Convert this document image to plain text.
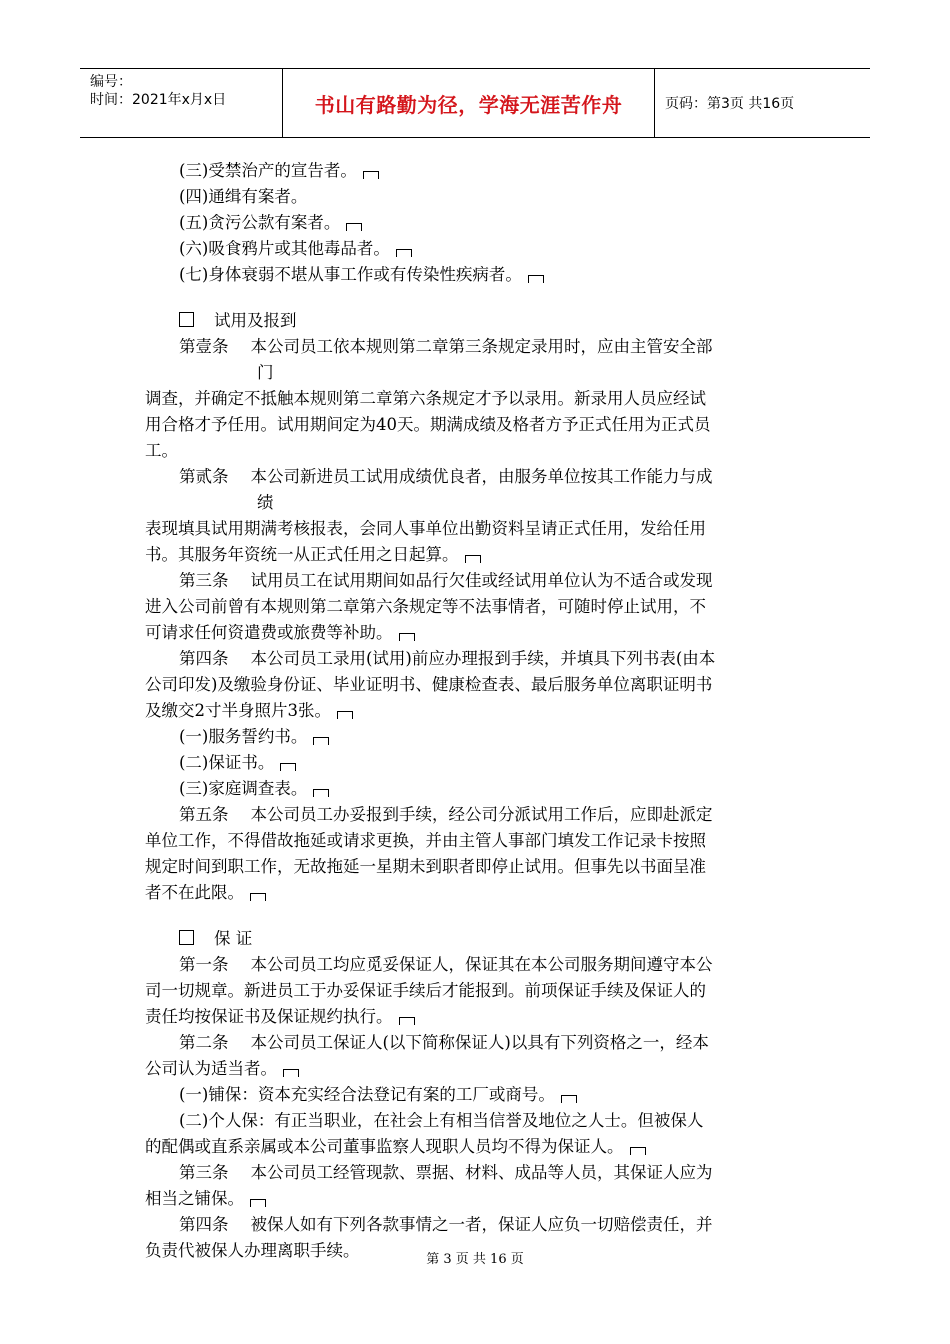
编号：
时间：2021年x月x日	书山有路勤为径，学海无涯苦作舟	页码：第3页 共16页
(三)受禁治产的宣告者。
(四)通缉有案者。
(五)贪污公款有案者。
(六)吸食鸦片或其他毒品者。
(七)身体衰弱不堪从事工作或有传染性疾病者。
试用及报到
第壹条 本公司员工依本规则第二章第三条规定录用时，应由主管安全部
门
调查，并确定不抵触本规则第二章第六条规定才予以录用。新录用人员应经试
用合格才予任用。试用期间定为40天。期满成绩及格者方予正式任用为正式员
工。
第贰条 本公司新进员工试用成绩优良者，由服务单位按其工作能力与成
绩
表现填具试用期满考核报表，会同人事单位出勤资料呈请正式任用，发给任用
书。其服务年资统一从正式任用之日起算。
第三条 试用员工在试用期间如品行欠佳或经试用单位认为不适合或发现
进入公司前曾有本规则第二章第六条规定等不法事情者，可随时停止试用，不
可请求任何资遣费或旅费等补助。
第四条 本公司员工录用(试用)前应办理报到手续，并填具下列书表(由本
公司印发)及缴验身份证、毕业证明书、健康检查表、最后服务单位离职证明书
及缴交2寸半身照片3张。
(一)服务誓约书。
(二)保证书。
(三)家庭调查表。
第五条 本公司员工办妥报到手续，经公司分派试用工作后，应即赴派定
单位工作，不得借故拖延或请求更换，并由主管人事部门填发工作记录卡按照
规定时间到职工作，无故拖延一星期未到职者即停止试用。但事先以书面呈准
者不在此限。
保 证
第一条 本公司员工均应觅妥保证人，保证其在本公司服务期间遵守本公
司一切规章。新进员工于办妥保证手续后才能报到。前项保证手续及保证人的
责任均按保证书及保证规约执行。
第二条 本公司员工保证人(以下简称保证人)以具有下列资格之一，经本
公司认为适当者。
(一)铺保：资本充实经合法登记有案的工厂或商号。
(二)个人保：有正当职业，在社会上有相当信誉及地位之人士。但被保人
的配偶或直系亲属或本公司董事监察人现职人员均不得为保证人。
第三条 本公司员工经管现款、票据、材料、成品等人员，其保证人应为
相当之铺保。
第四条 被保人如有下列各款事情之一者，保证人应负一切赔偿责任，并
负责代被保人办理离职手续。	第 3 页 共 16 页
